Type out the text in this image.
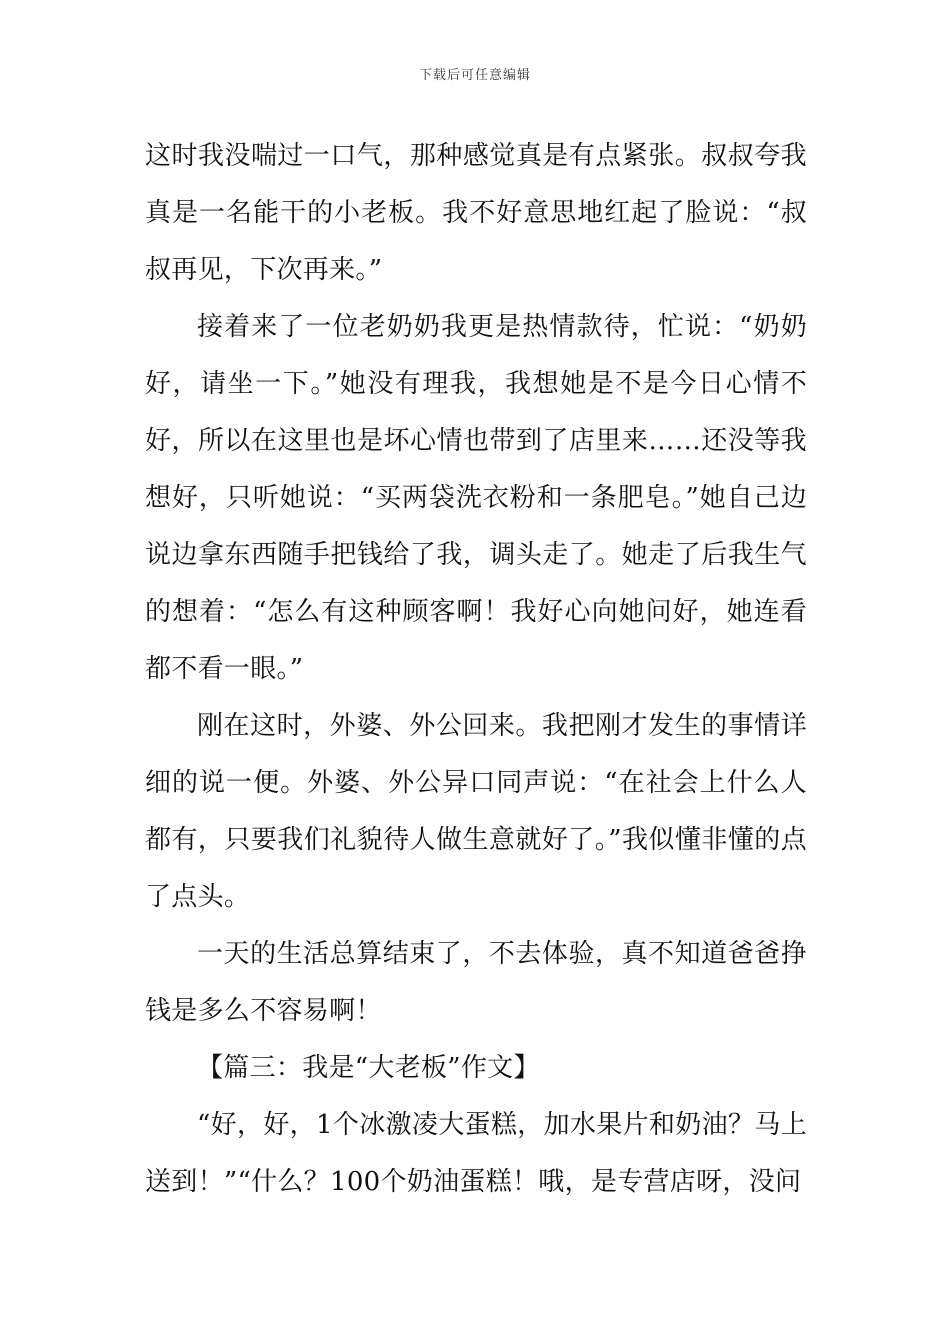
下载后可任意编辑

这时我没喘过一口气，那种感觉真是有点紧张。叔叔夸我真是一名能干的小老板。我不好意思地红起了脸说：“叔叔再见，下次再来。”

接着来了一位老奶奶我更是热情款待，忙说：“奶奶好，请坐一下。”她没有理我，我想她是不是今日心情不好，所以在这里也是坏心情也带到了店里来……还没等我想好，只听她说：“买两袋洗衣粉和一条肥皂。”她自己边说边拿东西随手把钱给了我，调头走了。她走了后我生气的想着：“怎么有这种顾客啊！我好心向她问好，她连看都不看一眼。”

刚在这时，外婆、外公回来。我把刚才发生的事情详细的说一便。外婆、外公异口同声说：“在社会上什么人都有，只要我们礼貌待人做生意就好了。”我似懂非懂的点了点头。

一天的生活总算结束了，不去体验，真不知道爸爸挣钱是多么不容易啊！

【篇三：我是“大老板”作文】

“好，好，1个冰激凌大蛋糕，加水果片和奶油？马上送到！”“什么？100个奶油蛋糕！哦，是专营店呀，没问
